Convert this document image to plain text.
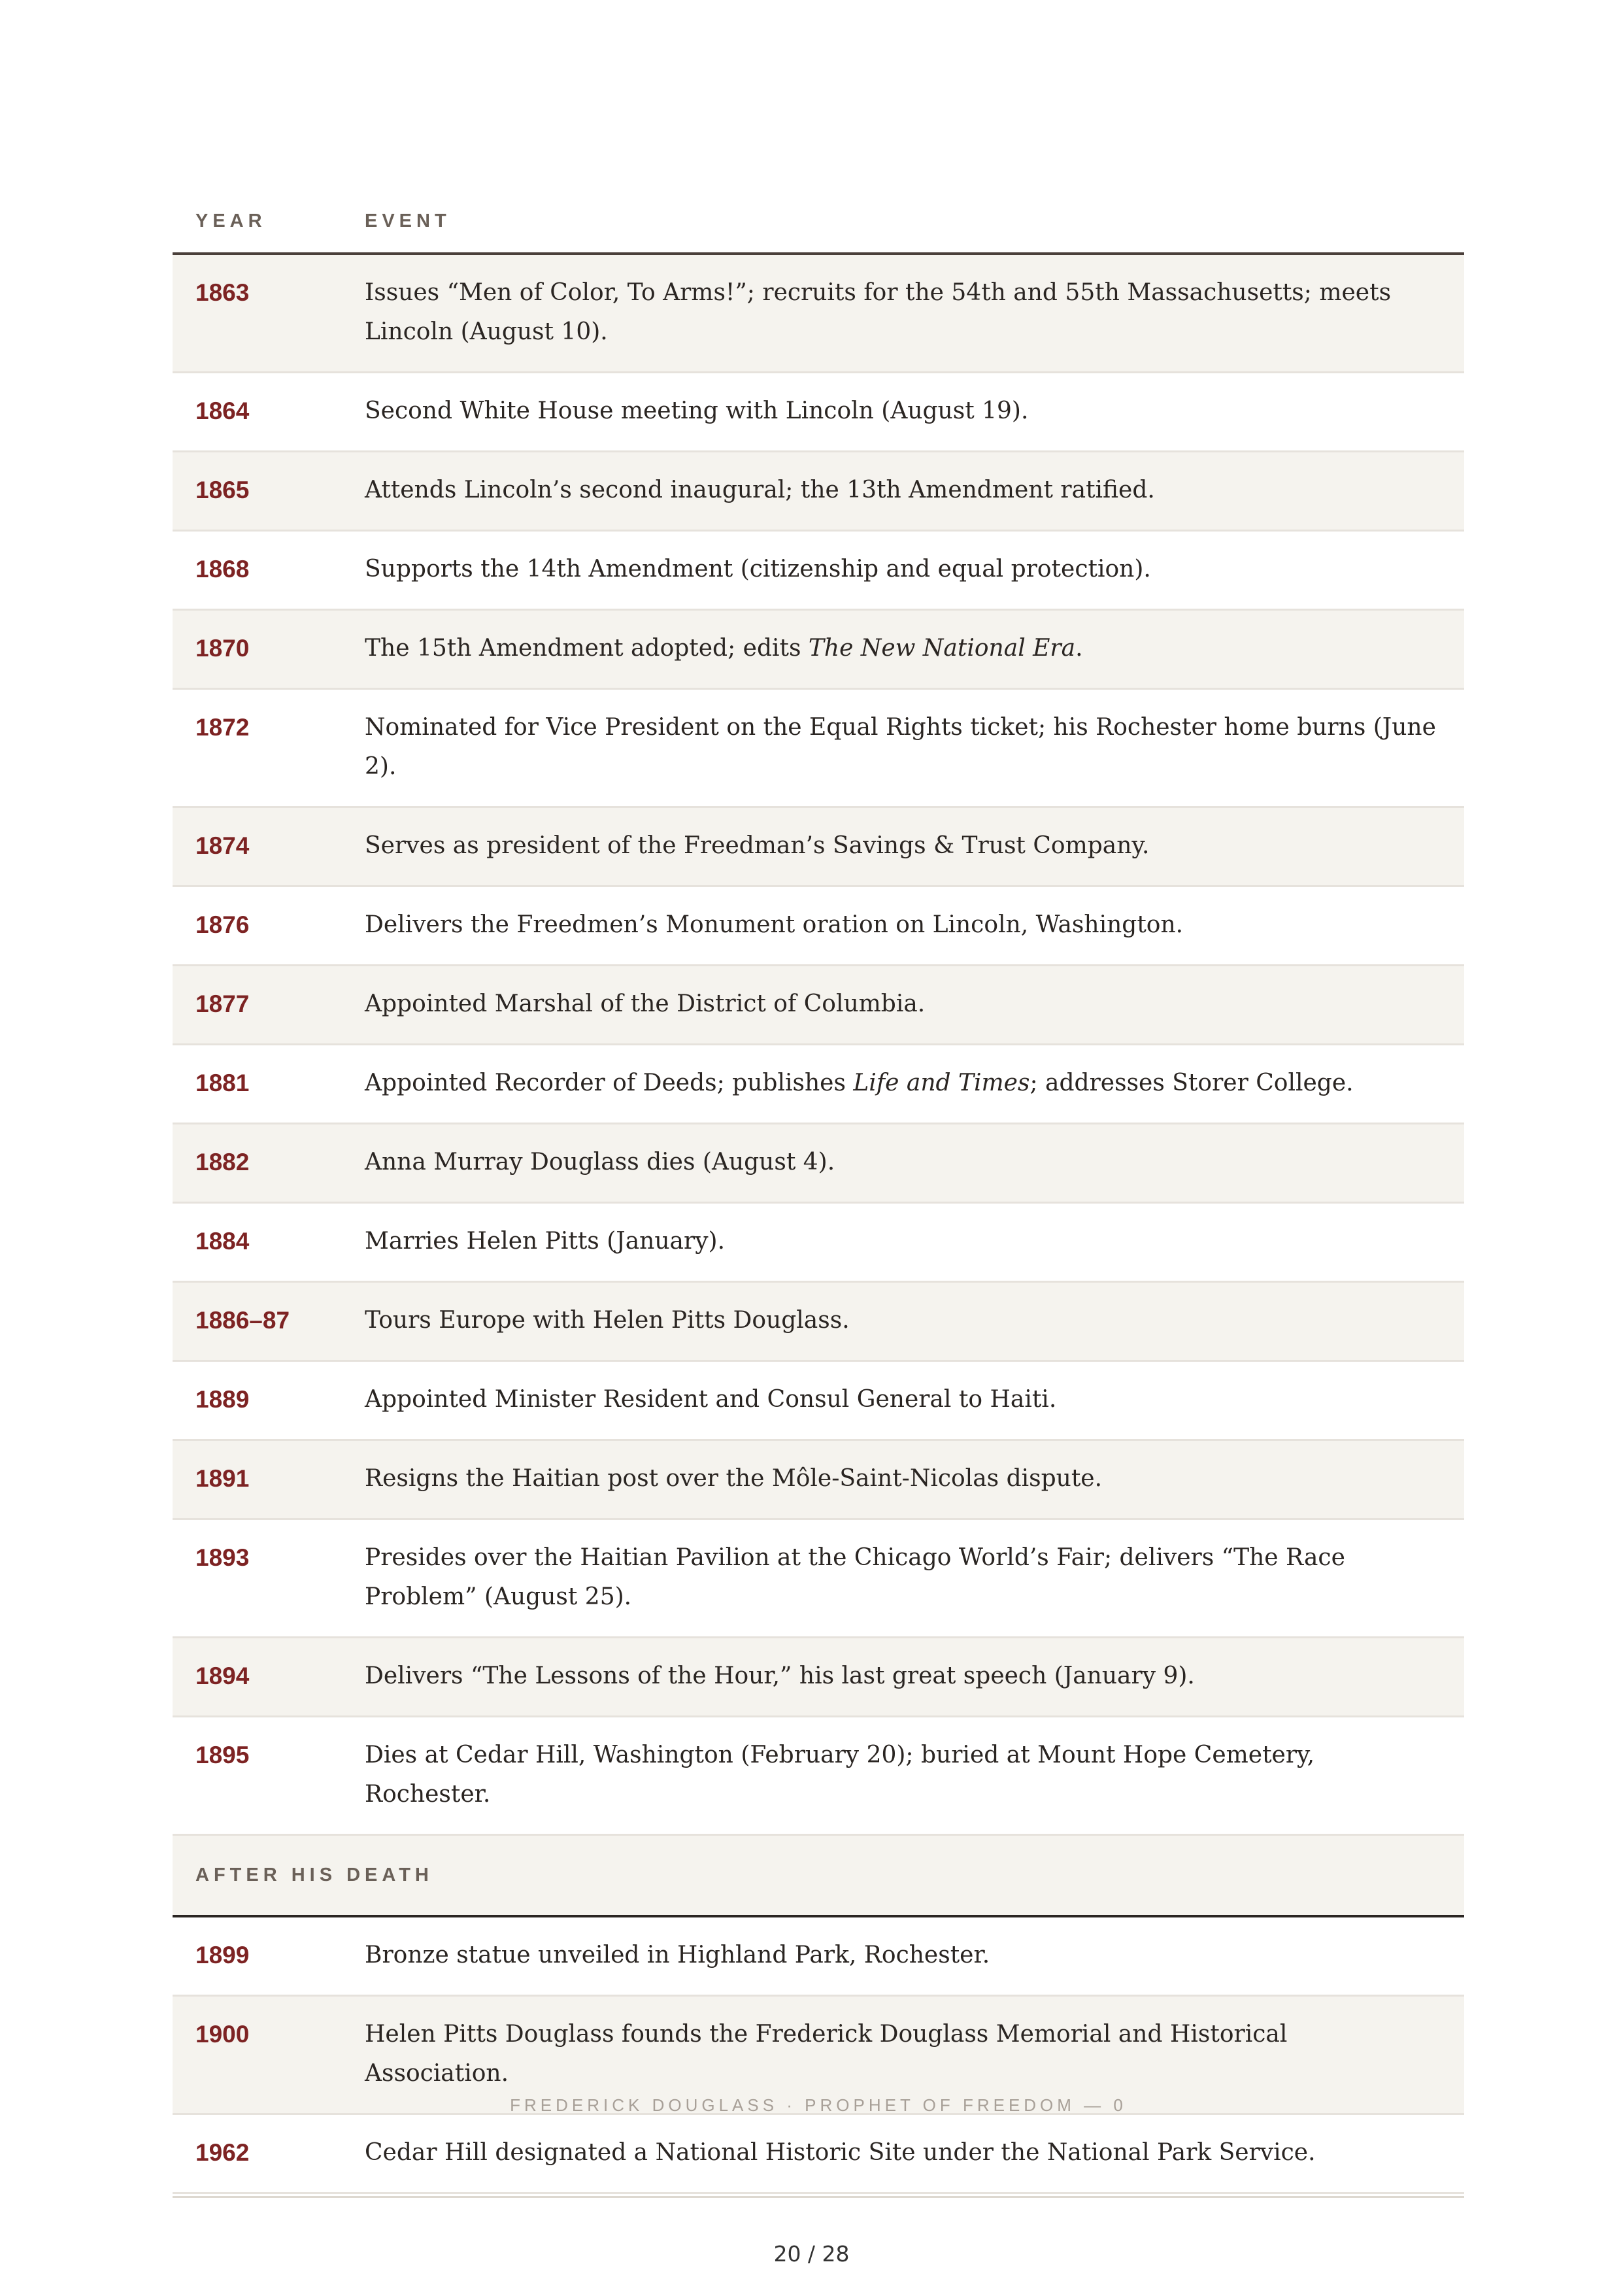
YEAR	EVENT
1863	Issues “Men of Color, To Arms!”; recruits for the 54th and 55th Massachusetts; meets Lincoln (August 10).
1864	Second White House meeting with Lincoln (August 19).
1865	Attends Lincoln’s second inaugural; the 13th Amendment ratified.
1868	Supports the 14th Amendment (citizenship and equal protection).
1870	The 15th Amendment adopted; edits The New National Era.
1872	Nominated for Vice President on the Equal Rights ticket; his Rochester home burns (June 2).
1874	Serves as president of the Freedman’s Savings & Trust Company.
1876	Delivers the Freedmen’s Monument oration on Lincoln, Washington.
1877	Appointed Marshal of the District of Columbia.
1881	Appointed Recorder of Deeds; publishes Life and Times; addresses Storer College.
1882	Anna Murray Douglass dies (August 4).
1884	Marries Helen Pitts (January).
1886–87	Tours Europe with Helen Pitts Douglass.
1889	Appointed Minister Resident and Consul General to Haiti.
1891	Resigns the Haitian post over the Môle-Saint-Nicolas dispute.
1893	Presides over the Haitian Pavilion at the Chicago World’s Fair; delivers “The Race Problem” (August 25).
1894	Delivers “The Lessons of the Hour,” his last great speech (January 9).
1895	Dies at Cedar Hill, Washington (February 20); buried at Mount Hope Cemetery, Rochester.
AFTER HIS DEATH
1899	Bronze statue unveiled in Highland Park, Rochester.
1900	Helen Pitts Douglass founds the Frederick Douglass Memorial and Historical Association.
1962	Cedar Hill designated a National Historic Site under the National Park Service.
FREDERICK DOUGLASS · PROPHET OF FREEDOM — 0
20 / 28
